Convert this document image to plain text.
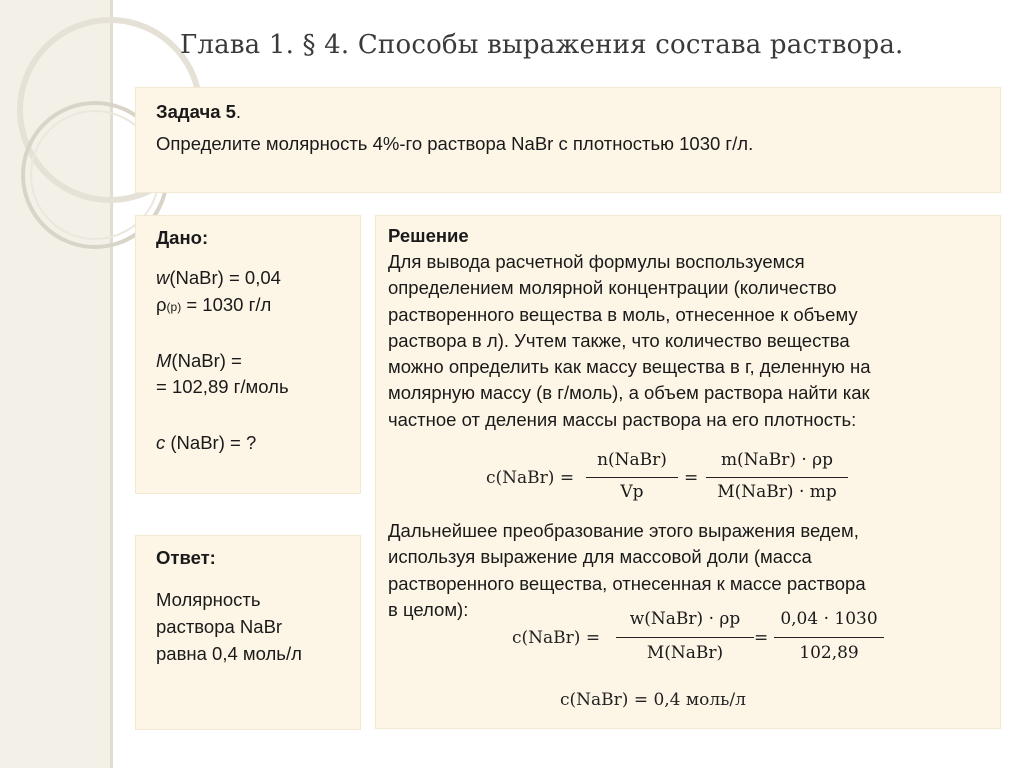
Глава 1. § 4. Способы выражения состава раствора.
Задача 5.
Определите молярность 4%-го раствора NaBr с плотностью 1030 г/л.
Дано:
w(NaBr) = 0,04
ρ(р) = 1030 г/л
M(NaBr) =
= 102,89 г/моль
c (NaBr) = ?
Ответ:
Молярность
раствора NaBr
равна 0,4 моль/л
Решение
Для вывода расчетной формулы воспользуемся
определением молярной концентрации (количество
растворенного вещества в моль, отнесенное к объему
раствора в л). Учтем также, что количество вещества
можно определить как массу вещества в г, деленную на
молярную массу (в г/моль), а объем раствора найти как
частное от деления массы раствора на его плотность:
c(NaBr) =
n(NaBr)
Vр
=
m(NaBr) · ρр
M(NaBr) · mр
Дальнейшее преобразование этого выражения ведем,
используя выражение для массовой доли (масса
растворенного вещества, отнесенная к массе раствора
в целом):
c(NaBr) =
w(NaBr) · ρр
M(NaBr)
=
0,04 · 1030
102,89
c(NaBr) = 0,4 моль/л
